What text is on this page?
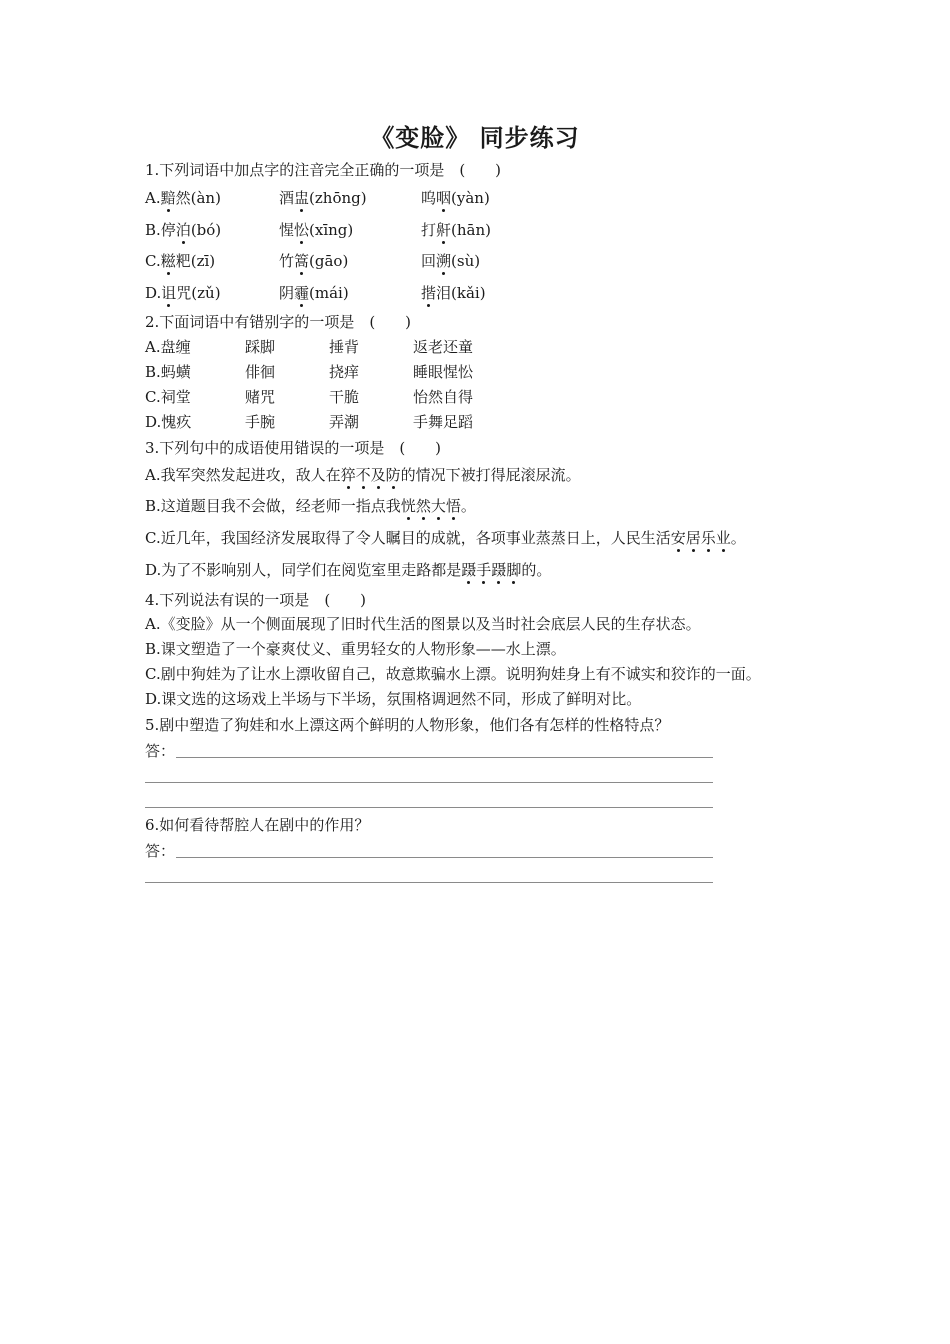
《变脸》 同步练习
1.下列词语中加点字的注音完全正确的一项是　(　　)
A.黯然(àn)	酒盅(zhōng)	呜咽(yàn)
B.停泊(bó)	惺忪(xīng)	打鼾(hān)
C.糍粑(zī)	竹篙(gāo)	回溯(sù)
D.诅咒(zǔ)	阴霾(mái)	揩泪(kǎi)
2.下面词语中有错别字的一项是　(　　)
A.盘缠	踩脚	捶背	返老还童
B.蚂蟥	俳徊	挠痒	睡眼惺忪
C.祠堂	赌咒	干脆	怡然自得
D.愧疚	手腕	弄潮	手舞足蹈
3.下列句中的成语使用错误的一项是　(　　)
A.我军突然发起进攻，敌人在猝不及防的情况下被打得屁滚尿流。
B.这道题目我不会做，经老师一指点我恍然大悟。
C.近几年，我国经济发展取得了令人瞩目的成就，各项事业蒸蒸日上，人民生活安居乐业。
D.为了不影响别人，同学们在阅览室里走路都是蹑手蹑脚的。
4.下列说法有误的一项是　(　　)
A.《变脸》从一个侧面展现了旧时代生活的图景以及当时社会底层人民的生存状态。
B.课文塑造了一个豪爽仗义、重男轻女的人物形象——水上漂。
C.剧中狗娃为了让水上漂收留自己，故意欺骗水上漂。说明狗娃身上有不诚实和狡诈的一面。
D.课文选的这场戏上半场与下半场，氛围格调迥然不同，形成了鲜明对比。
5.剧中塑造了狗娃和水上漂这两个鲜明的人物形象，他们各有怎样的性格特点？
答：
6.如何看待帮腔人在剧中的作用？
答：
